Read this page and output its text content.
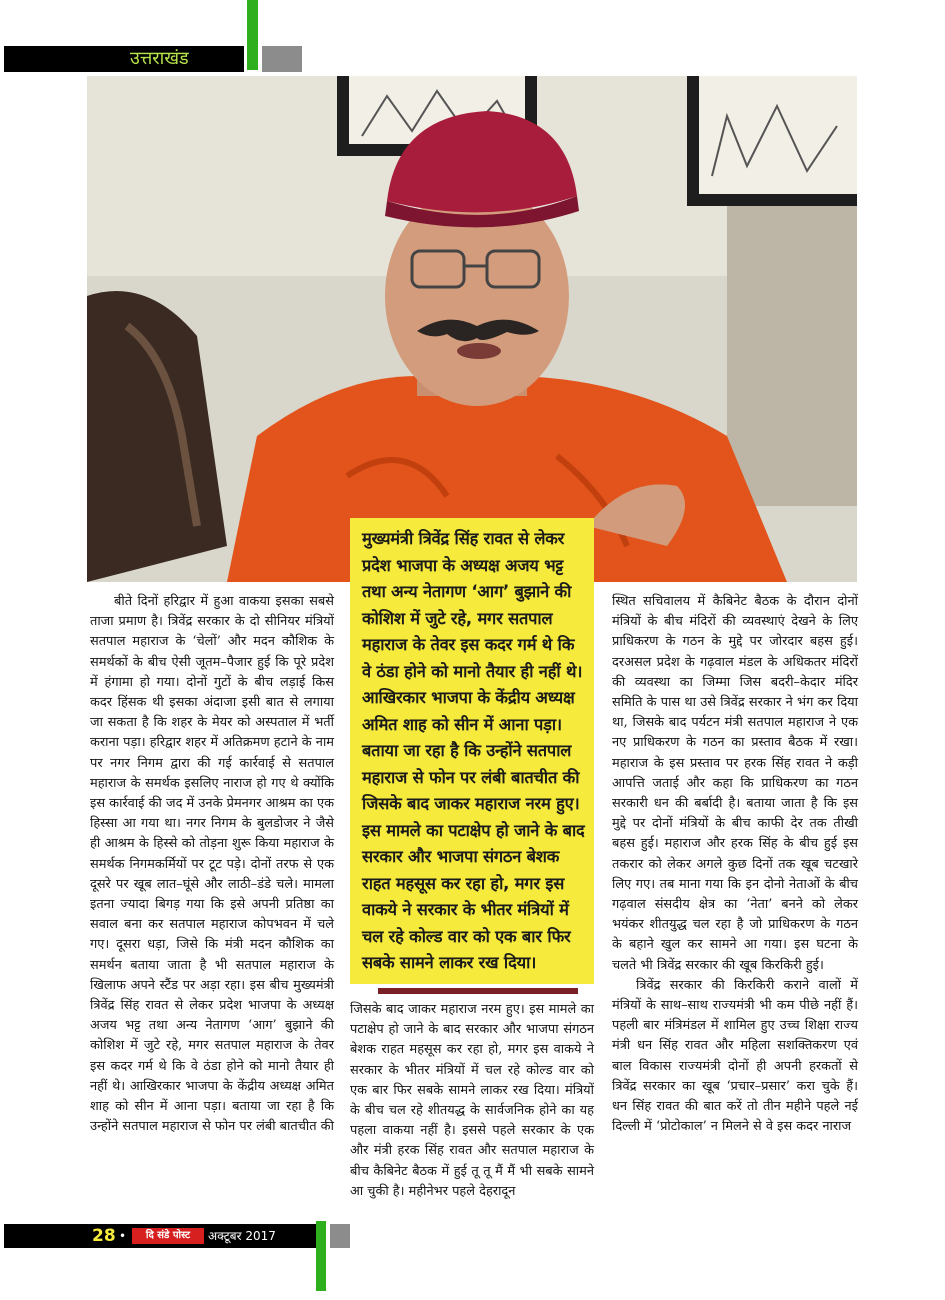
उत्तराखंड
मुख्यमंत्री त्रिवेंद्र सिंह रावत से लेकर प्रदेश भाजपा के अध्यक्ष अजय भट्ट तथा अन्य नेतागण ‘आग’ बुझाने की कोशिश में जुटे रहे, मगर सतपाल महाराज के तेवर इस कदर गर्म थे कि वे ठंडा होने को मानो तैयार ही नहीं थे। आखिरकार भाजपा के केंद्रीय अध्यक्ष अमित शाह को सीन में आना पड़ा। बताया जा रहा है कि उन्होंने सतपाल महाराज से फोन पर लंबी बातचीत की जिसके बाद जाकर महाराज नरम हुए। इस मामले का पटाक्षेप हो जाने के बाद सरकार और भाजपा संगठन बेशक राहत महसूस कर रहा हो, मगर इस वाकये ने सरकार के भीतर मंत्रियों में चल रहे कोल्ड वार को एक बार फिर सबके सामने लाकर रख दिया।

बीते दिनों हरिद्वार में हुआ वाकया इसका सबसे ताजा प्रमाण है। त्रिवेंद्र सरकार के दो सीनियर मंत्रियों सतपाल महाराज के ‘चेलों’ और मदन कौशिक के समर्थकों के बीच ऐसी जूतम–पैजार हुई कि पूरे प्रदेश में हंगामा हो गया। दोनों गुटों के बीच लड़ाई किस कदर हिंसक थी इसका अंदाजा इसी बात से लगाया जा सकता है कि शहर के मेयर को अस्पताल में भर्ती कराना पड़ा। हरिद्वार शहर में अतिक्रमण हटाने के नाम पर नगर निगम द्वारा की गई कार्रवाई से सतपाल महाराज के समर्थक इसलिए नाराज हो गए थे क्योंकि इस कार्रवाई की जद में उनके प्रेमनगर आश्रम का एक हिस्सा आ गया था। नगर निगम के बुलडोजर ने जैसे ही आश्रम के हिस्से को तोड़ना शुरू किया महाराज के समर्थक निगमकर्मियों पर टूट पड़े। दोनों तरफ से एक दूसरे पर खूब लात–घूंसे और लाठी–डंडे चले। मामला इतना ज्यादा बिगड़ गया कि इसे अपनी प्रतिष्ठा का सवाल बना कर सतपाल महाराज कोपभवन में चले गए। दूसरा धड़ा, जिसे कि मंत्री मदन कौशिक का समर्थन बताया जाता है भी सतपाल महाराज के खिलाफ अपने स्टैंड पर अड़ा रहा। इस बीच मुख्यमंत्री त्रिवेंद्र सिंह रावत से लेकर प्रदेश भाजपा के अध्यक्ष अजय भट्ट तथा अन्य नेतागण ‘आग’ बुझाने की कोशिश में जुटे रहे, मगर सतपाल महाराज के तेवर इस कदर गर्म थे कि वे ठंडा होने को मानो तैयार ही नहीं थे। आखिरकार भाजपा के केंद्रीय अध्यक्ष अमित शाह को सीन में आना पड़ा। बताया जा रहा है कि उन्होंने सतपाल महाराज से फोन पर लंबी बातचीत की

जिसके बाद जाकर महाराज नरम हुए। इस मामले का पटाक्षेप हो जाने के बाद सरकार और भाजपा संगठन बेशक राहत महसूस कर रहा हो, मगर इस वाकये ने सरकार के भीतर मंत्रियों में चल रहे कोल्ड वार को एक बार फिर सबके सामने लाकर रख दिया। मंत्रियों के बीच चल रहे शीतयद्ध के सार्वजनिक होने का यह पहला वाकया नहीं है। इससे पहले सरकार के एक और मंत्री हरक सिंह रावत और सतपाल महाराज के बीच कैबिनेट बैठक में हुई तू तू मैं मैं भी सबके सामने आ चुकी है। महीनेभर पहले देहरादून

स्थित सचिवालय में कैबिनेट बैठक के दौरान दोनों मंत्रियों के बीच मंदिरों की व्यवस्थाएं देखने के लिए प्राधिकरण के गठन के मुद्दे पर जोरदार बहस हुई। दरअसल प्रदेश के गढ़वाल मंडल के अधिकतर मंदिरों की व्यवस्था का जिम्मा जिस बदरी–केदार मंदिर समिति के पास था उसे त्रिवेंद्र सरकार ने भंग कर दिया था, जिसके बाद पर्यटन मंत्री सतपाल महाराज ने एक नए प्राधिकरण के गठन का प्रस्ताव बैठक में रखा। महाराज के इस प्रस्ताव पर हरक सिंह रावत ने कड़ी आपत्ति जताई और कहा कि प्राधिकरण का गठन सरकारी धन की बर्बादी है। बताया जाता है कि इस मुद्दे पर दोनों मंत्रियों के बीच काफी देर तक तीखी बहस हुई। महाराज और हरक सिंह के बीच हुई इस तकरार को लेकर अगले कुछ दिनों तक खूब चटखारे लिए गए। तब माना गया कि इन दोनो नेताओं के बीच गढ़वाल संसदीय क्षेत्र का ‘नेता’ बनने को लेकर भयंकर शीतयुद्ध चल रहा है जो प्राधिकरण के गठन के बहाने खुल कर सामने आ गया। इस घटना के चलते भी त्रिवेंद्र सरकार की खूब किरकिरी हुई।

त्रिवेंद्र सरकार की किरकिरी कराने वालों में मंत्रियों के साथ–साथ राज्यमंत्री भी कम पीछे नहीं हैं। पहली बार मंत्रिमंडल में शामिल हुए उच्च शिक्षा राज्य मंत्री धन सिंह रावत और महिला सशक्तिकरण एवं बाल विकास राज्यमंत्री दोनों ही अपनी हरकतों से त्रिवेंद्र सरकार का खूब ‘प्रचार–प्रसार’ करा चुके हैं। धन सिंह रावत की बात करें तो तीन महीने पहले नई दिल्ली में ‘प्रोटोकाल’ न मिलने से वे इस कदर नाराज

28 •	दि संडे पोस्ट	अक्टूबर 2017
